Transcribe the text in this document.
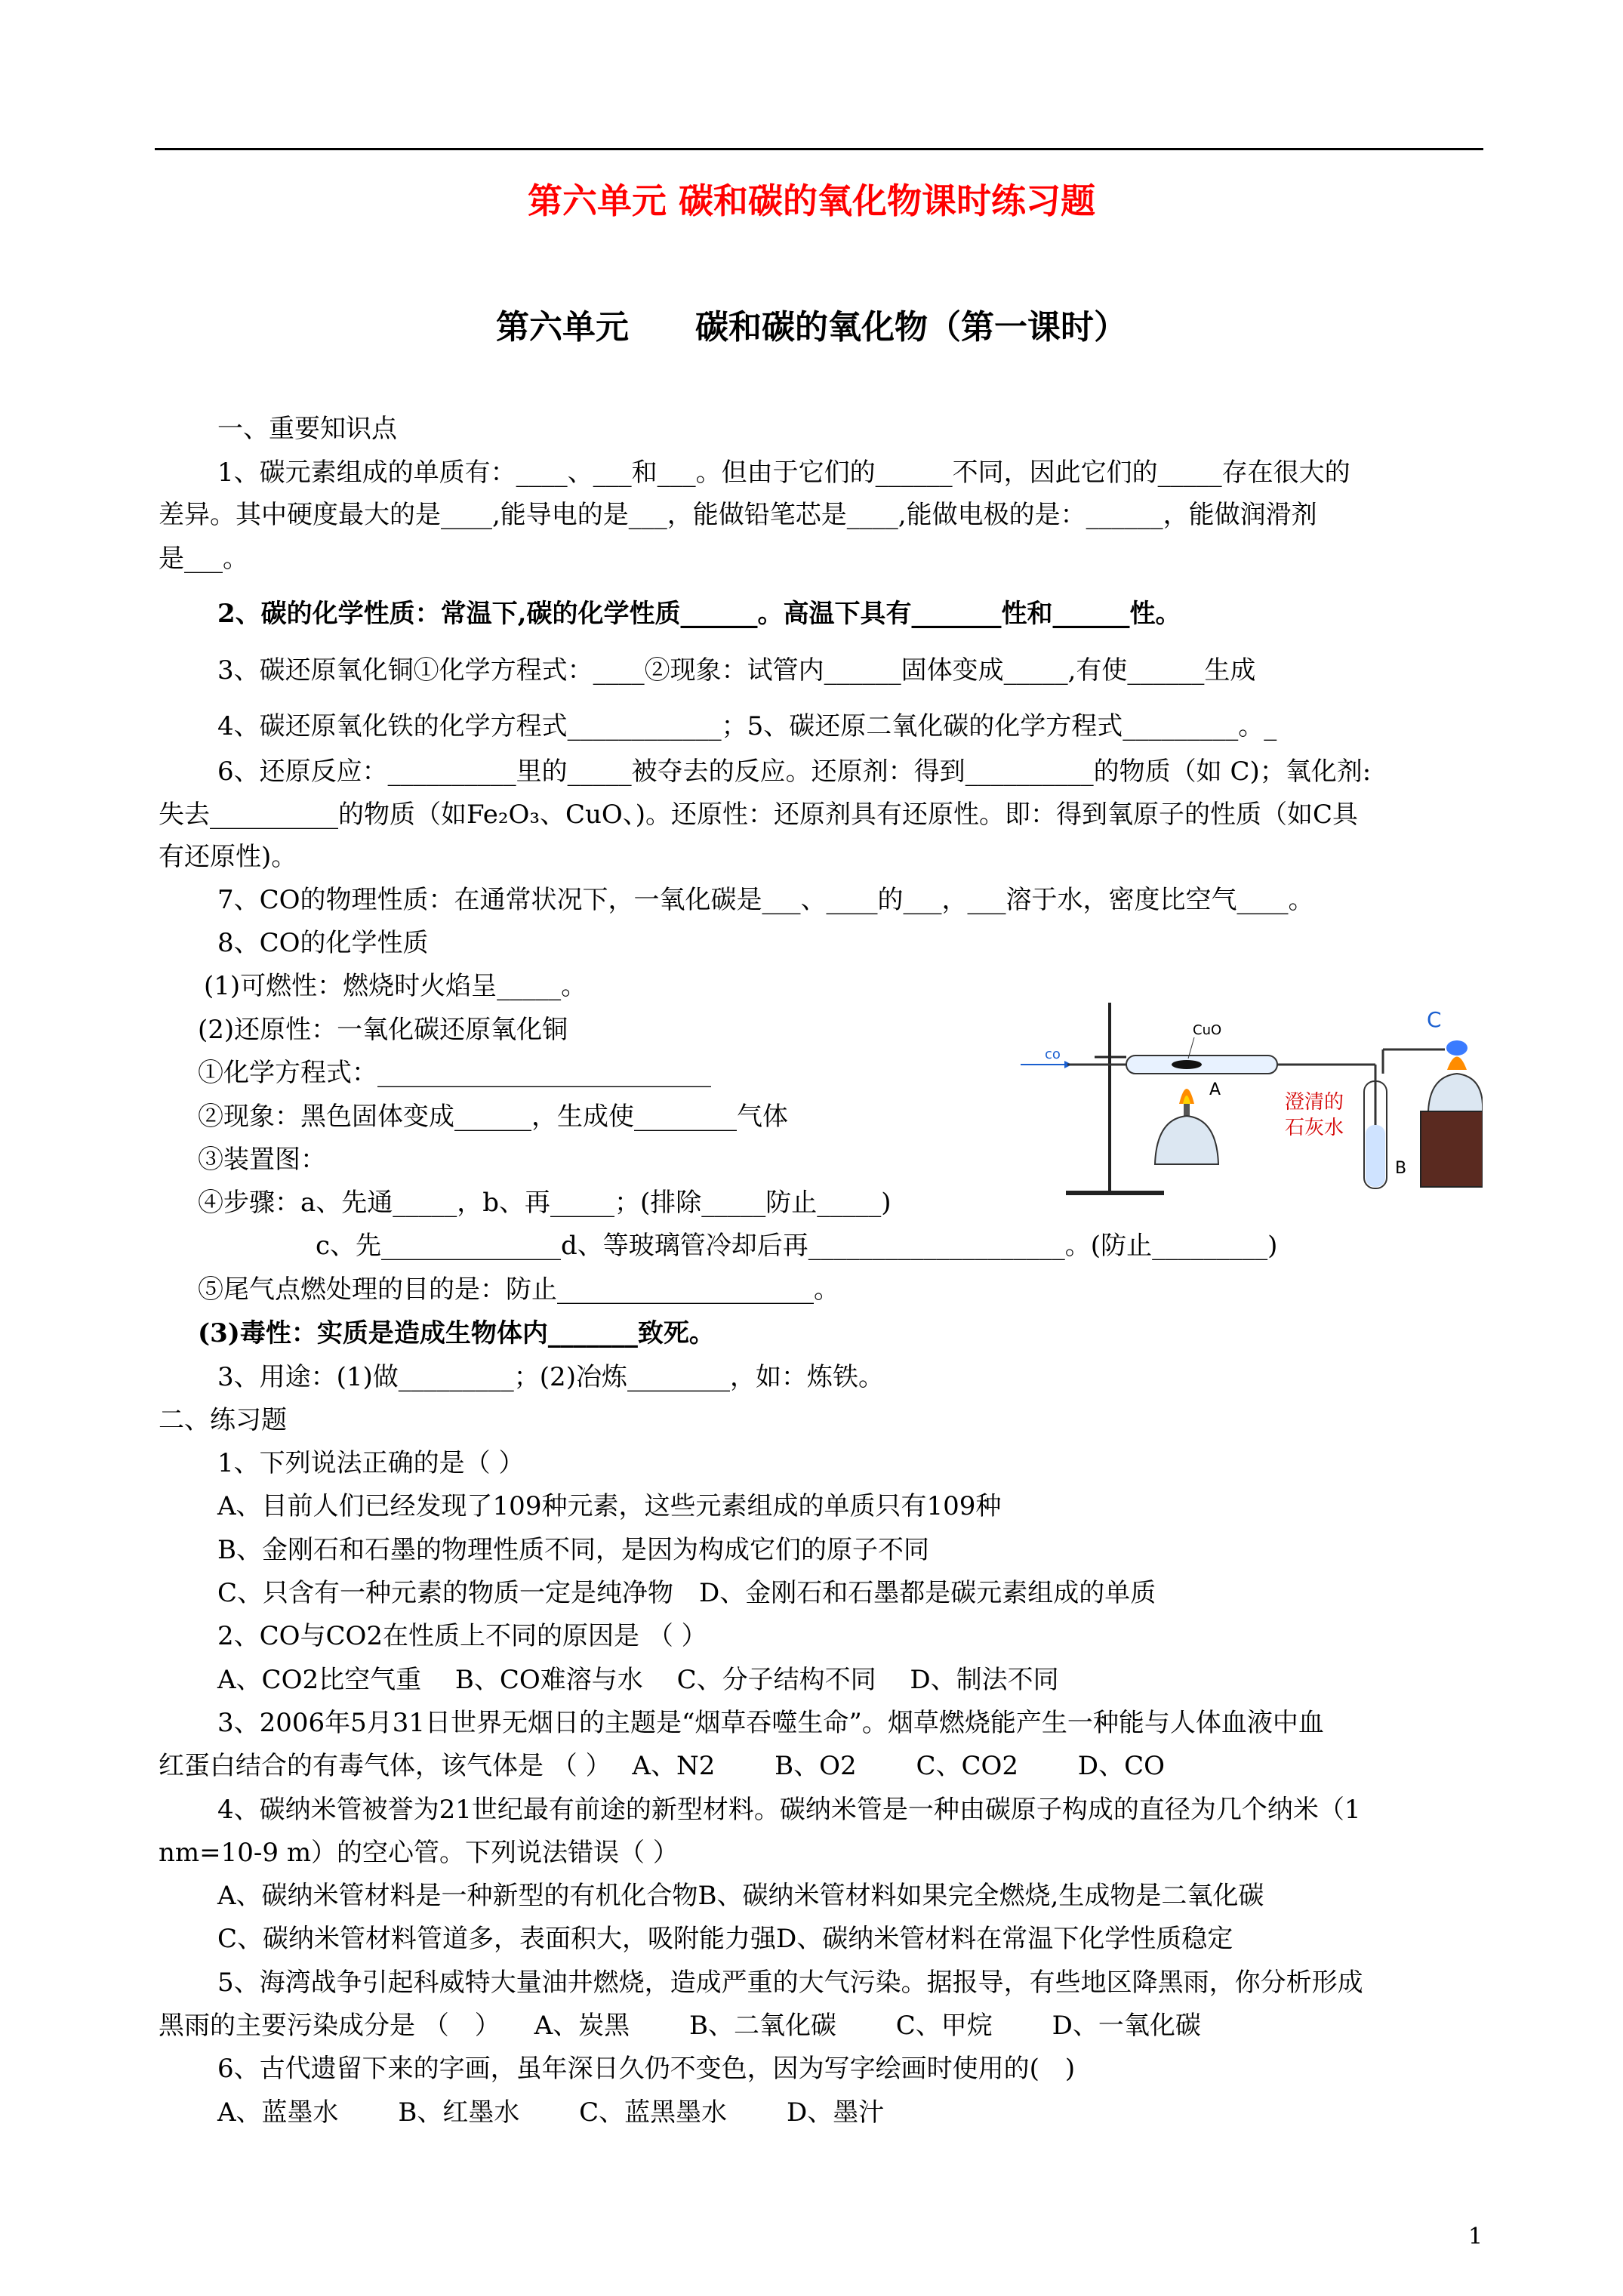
第六单元 碳和碳的氧化物课时练习题
第六单元　　碳和碳的氧化物（第一课时）
一、重要知识点
1、碳元素组成的单质有：____、___和___。但由于它们的______不同，因此它们的_____存在很大的
差异。其中硬度最大的是____,能导电的是___，能做铅笔芯是____,能做电极的是：______，能做润滑剂
是___。
2、碳的化学性质：常温下,碳的化学性质______。高温下具有_______性和______性。
3、碳还原氧化铜①化学方程式：____②现象：试管内______固体变成_____,有使______生成
4、碳还原氧化铁的化学方程式____________；5、碳还原二氧化碳的化学方程式_________。_
6、还原反应：__________里的_____被夺去的反应。还原剂：得到__________的物质（如 C)；氧化剂:
失去__________的物质（如Fe₂O₃、CuO、)。还原性：还原剂具有还原性。即：得到氧原子的性质（如C具
有还原性)。
7、CO的物理性质：在通常状况下，一氧化碳是___、____的___，___溶于水，密度比空气____。
8、CO的化学性质
(1)可燃性：燃烧时火焰呈_____。
(2)还原性：一氧化碳还原氧化铜
①化学方程式：__________________________
②现象：黑色固体变成______，生成使________气体
③装置图：
④步骤：a、先通_____，b、再_____；(排除_____防止_____)
c、先______________d、等玻璃管冷却后再____________________。(防止_________)
⑤尾气点燃处理的目的是：防止____________________。
(3)毒性：实质是造成生物体内_______致死。
3、用途：(1)做_________；(2)冶炼________，如：炼铁。
二、练习题
1、下列说法正确的是（ ）
A、目前人们已经发现了109种元素，这些元素组成的单质只有109种
B、金刚石和石墨的物理性质不同，是因为构成它们的原子不同
C、只含有一种元素的物质一定是纯净物　D、金刚石和石墨都是碳元素组成的单质
2、CO与CO2在性质上不同的原因是 （ ）
A、CO2比空气重　 B、CO难溶与水　 C、分子结构不同　 D、制法不同
3、2006年5月31日世界无烟日的主题是“烟草吞噬生命”。烟草燃烧能产生一种能与人体血液中血
红蛋白结合的有毒气体，该气体是 （ ）　 A、N2　　 B、O2　　 C、CO2　　 D、CO
4、碳纳米管被誉为21世纪最有前途的新型材料。碳纳米管是一种由碳原子构成的直径为几个纳米（1
nm=10-9 m）的空心管。下列说法错误（ ）
A、碳纳米管材料是一种新型的有机化合物B、碳纳米管材料如果完全燃烧,生成物是二氧化碳
C、碳纳米管材料管道多，表面积大，吸附能力强D、碳纳米管材料在常温下化学性质稳定
5、海湾战争引起科威特大量油井燃烧，造成严重的大气污染。据报导，有些地区降黑雨，你分析形成
黑雨的主要污染成分是 （　） 　A、炭黑　　 B、二氧化碳　　 C、甲烷　　 D、一氧化碳
6、古代遗留下来的字画，虽年深日久仍不变色，因为写字绘画时使用的(　)
A、蓝墨水　　 B、红墨水　　 C、蓝黑墨水　　 D、墨汁
co
CuO
A
B
澄清的
石灰水
C
1
